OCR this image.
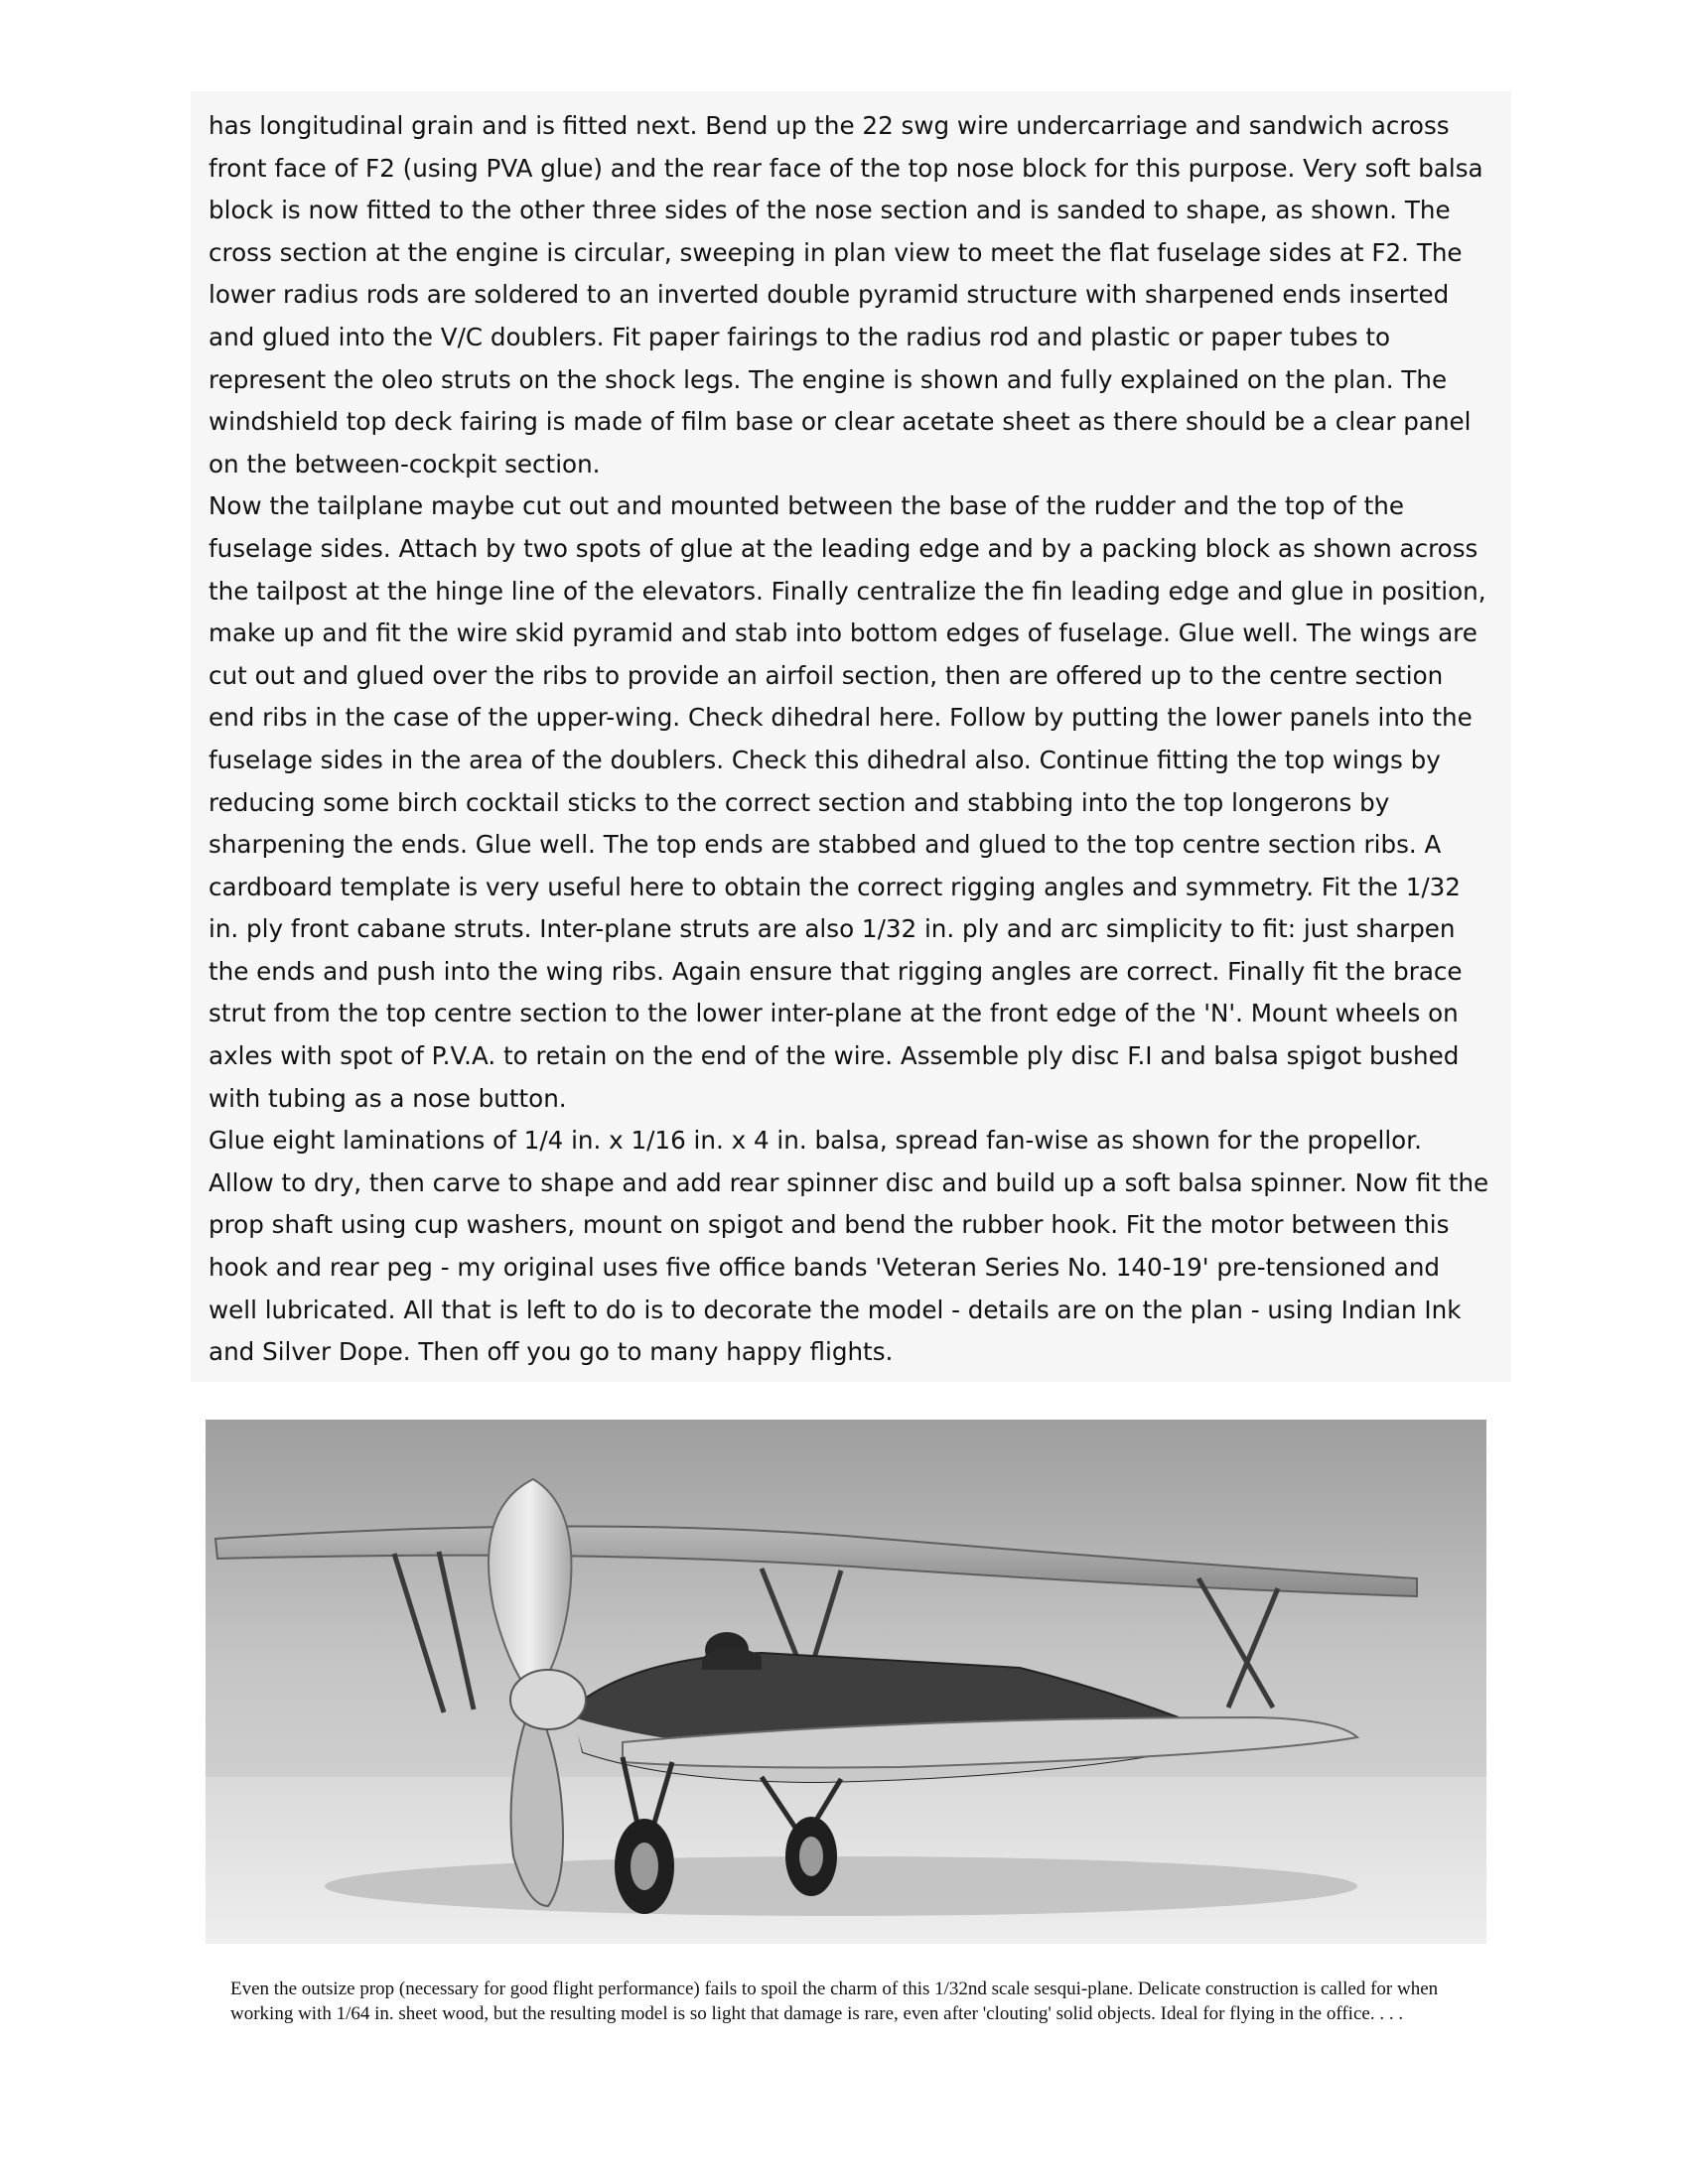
has longitudinal grain and is fitted next. Bend up the 22 swg wire undercarriage and sandwich across front face of F2 (using PVA glue) and the rear face of the top nose block for this purpose. Very soft balsa block is now fitted to the other three sides of the nose section and is sanded to shape, as shown. The cross section at the engine is circular, sweeping in plan view to meet the flat fuselage sides at F2. The lower radius rods are soldered to an inverted double pyramid structure with sharpened ends inserted and glued into the V/C doublers. Fit paper fairings to the radius rod and plastic or paper tubes to represent the oleo struts on the shock legs. The engine is shown and fully explained on the plan. The windshield top deck fairing is made of film base or clear acetate sheet as there should be a clear panel on the between-cockpit section.

Now the tailplane maybe cut out and mounted between the base of the rudder and the top of the fuselage sides. Attach by two spots of glue at the leading edge and by a packing block as shown across the tailpost at the hinge line of the elevators. Finally centralize the fin leading edge and glue in position, make up and fit the wire skid pyramid and stab into bottom edges of fuselage. Glue well. The wings are cut out and glued over the ribs to provide an airfoil section, then are offered up to the centre section end ribs in the case of the upper-wing. Check dihedral here. Follow by putting the lower panels into the fuselage sides in the area of the doublers. Check this dihedral also. Continue fitting the top wings by reducing some birch cocktail sticks to the correct section and stabbing into the top longerons by sharpening the ends. Glue well. The top ends are stabbed and glued to the top centre section ribs. A cardboard template is very useful here to obtain the correct rigging angles and symmetry. Fit the 1/32 in. ply front cabane struts. Inter-plane struts are also 1/32 in. ply and arc simplicity to fit: just sharpen the ends and push into the wing ribs. Again ensure that rigging angles are correct. Finally fit the brace strut from the top centre section to the lower inter-plane at the front edge of the 'N'. Mount wheels on axles with spot of P.V.A. to retain on the end of the wire. Assemble ply disc F.I and balsa spigot bushed with tubing as a nose button.

Glue eight laminations of 1/4 in. x 1/16 in. x 4 in. balsa, spread fan-wise as shown for the propellor. Allow to dry, then carve to shape and add rear spinner disc and build up a soft balsa spinner. Now fit the prop shaft using cup washers, mount on spigot and bend the rubber hook. Fit the motor between this hook and rear peg - my original uses five office bands 'Veteran Series No. 140-19' pre-tensioned and well lubricated. All that is left to do is to decorate the model - details are on the plan - using Indian Ink and Silver Dope. Then off you go to many happy flights.

Even the outsize prop (necessary for good flight performance) fails to spoil the charm of this 1/32nd scale sesqui-plane. Delicate construction is called for when working with 1/64 in. sheet wood, but the resulting model is so light that damage is rare, even after 'clouting' solid objects. Ideal for flying in the office. . . .
